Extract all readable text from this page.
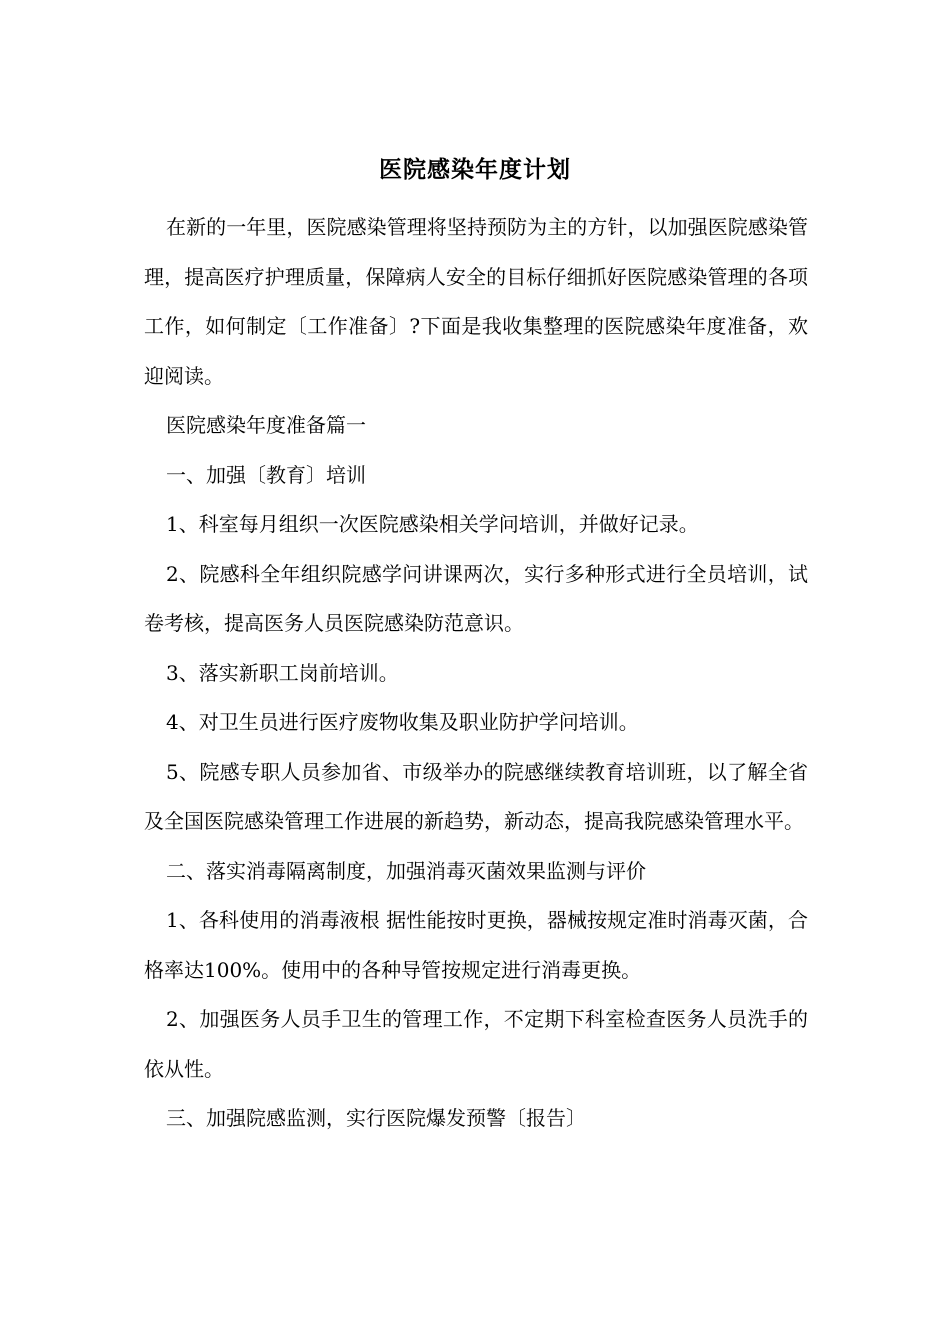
医院感染年度计划

在新的一年里，医院感染管理将坚持预防为主的方针，以加强医院感染管理，提高医疗护理质量，保障病人安全的目标仔细抓好医院感染管理的各项工作，如何制定〔工作准备〕?下面是我收集整理的医院感染年度准备，欢迎阅读。

医院感染年度准备篇一

一、加强〔教育〕培训

1、科室每月组织一次医院感染相关学问培训，并做好记录。

2、院感科全年组织院感学问讲课两次，实行多种形式进行全员培训，试卷考核，提高医务人员医院感染防范意识。

3、落实新职工岗前培训。

4、对卫生员进行医疗废物收集及职业防护学问培训。

5、院感专职人员参加省、市级举办的院感继续教育培训班，以了解全省及全国医院感染管理工作进展的新趋势，新动态，提高我院感染管理水平。

二、落实消毒隔离制度，加强消毒灭菌效果监测与评价

1、各科使用的消毒液根 据性能按时更换，器械按规定准时消毒灭菌，合格率达100%。使用中的各种导管按规定进行消毒更换。

2、加强医务人员手卫生的管理工作，不定期下科室检查医务人员洗手的依从性。

三、加强院感监测，实行医院爆发预警〔报告〕
